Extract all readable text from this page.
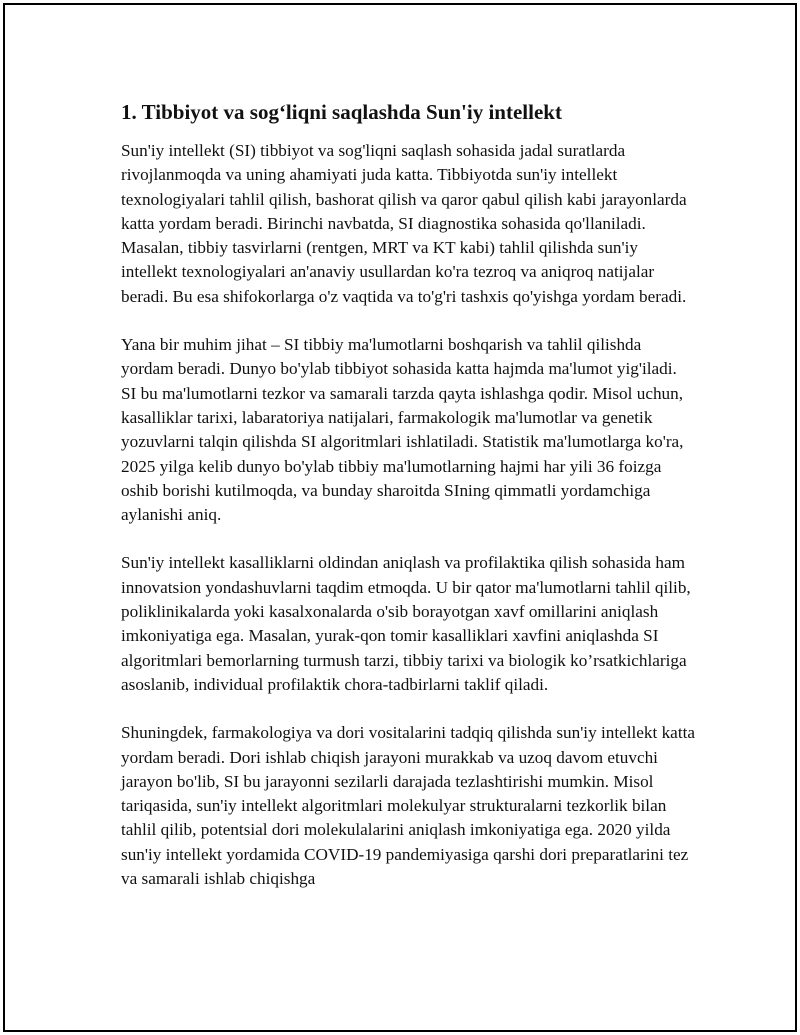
1. Tibbiyot va sog‘liqni saqlashda Sun'iy intellekt

Sun'iy intellekt (SI) tibbiyot va sog'liqni saqlash sohasida jadal suratlarda rivojlanmoqda va uning ahamiyati juda katta. Tibbiyotda sun'iy intellekt texnologiyalari tahlil qilish, bashorat qilish va qaror qabul qilish kabi jarayonlarda katta yordam beradi. Birinchi navbatda, SI diagnostika sohasida qo'llaniladi. Masalan, tibbiy tasvirlarni (rentgen, MRT va KT kabi) tahlil qilishda sun'iy intellekt texnologiyalari an'anaviy usullardan ko'ra tezroq va aniqroq natijalar beradi. Bu esa shifokorlarga o'z vaqtida va to'g'ri tashxis qo'yishga yordam beradi.

Yana bir muhim jihat – SI tibbiy ma'lumotlarni boshqarish va tahlil qilishda yordam beradi. Dunyo bo'ylab tibbiyot sohasida katta hajmda ma'lumot yig'iladi. SI bu ma'lumotlarni tezkor va samarali tarzda qayta ishlashga qodir. Misol uchun, kasalliklar tarixi, labaratoriya natijalari, farmakologik ma'lumotlar va genetik yozuvlarni talqin qilishda SI algoritmlari ishlatiladi. Statistik ma'lumotlarga ko'ra, 2025 yilga kelib dunyo bo'ylab tibbiy ma'lumotlarning hajmi har yili 36 foizga oshib borishi kutilmoqda, va bunday sharoitda SIning qimmatli yordamchiga aylanishi aniq.

Sun'iy intellekt kasalliklarni oldindan aniqlash va profilaktika qilish sohasida ham innovatsion yondashuvlarni taqdim etmoqda. U bir qator ma'lumotlarni tahlil qilib, poliklinikalarda yoki kasalxonalarda o'sib borayotgan xavf omillarini aniqlash imkoniyatiga ega. Masalan, yurak-qon tomir kasalliklari xavfini aniqlashda SI algoritmlari bemorlarning turmush tarzi, tibbiy tarixi va biologik ko’rsatkichlariga asoslanib, individual profilaktik chora-tadbirlarni taklif qiladi.

Shuningdek, farmakologiya va dori vositalarini tadqiq qilishda sun'iy intellekt katta yordam beradi. Dori ishlab chiqish jarayoni murakkab va uzoq davom etuvchi jarayon bo'lib, SI bu jarayonni sezilarli darajada tezlashtirishi mumkin. Misol tariqasida, sun'iy intellekt algoritmlari molekulyar strukturalarni tezkorlik bilan tahlil qilib, potentsial dori molekulalarini aniqlash imkoniyatiga ega. 2020 yilda sun'iy intellekt yordamida COVID-19 pandemiyasiga qarshi dori preparatlarini tez va samarali ishlab chiqishga
